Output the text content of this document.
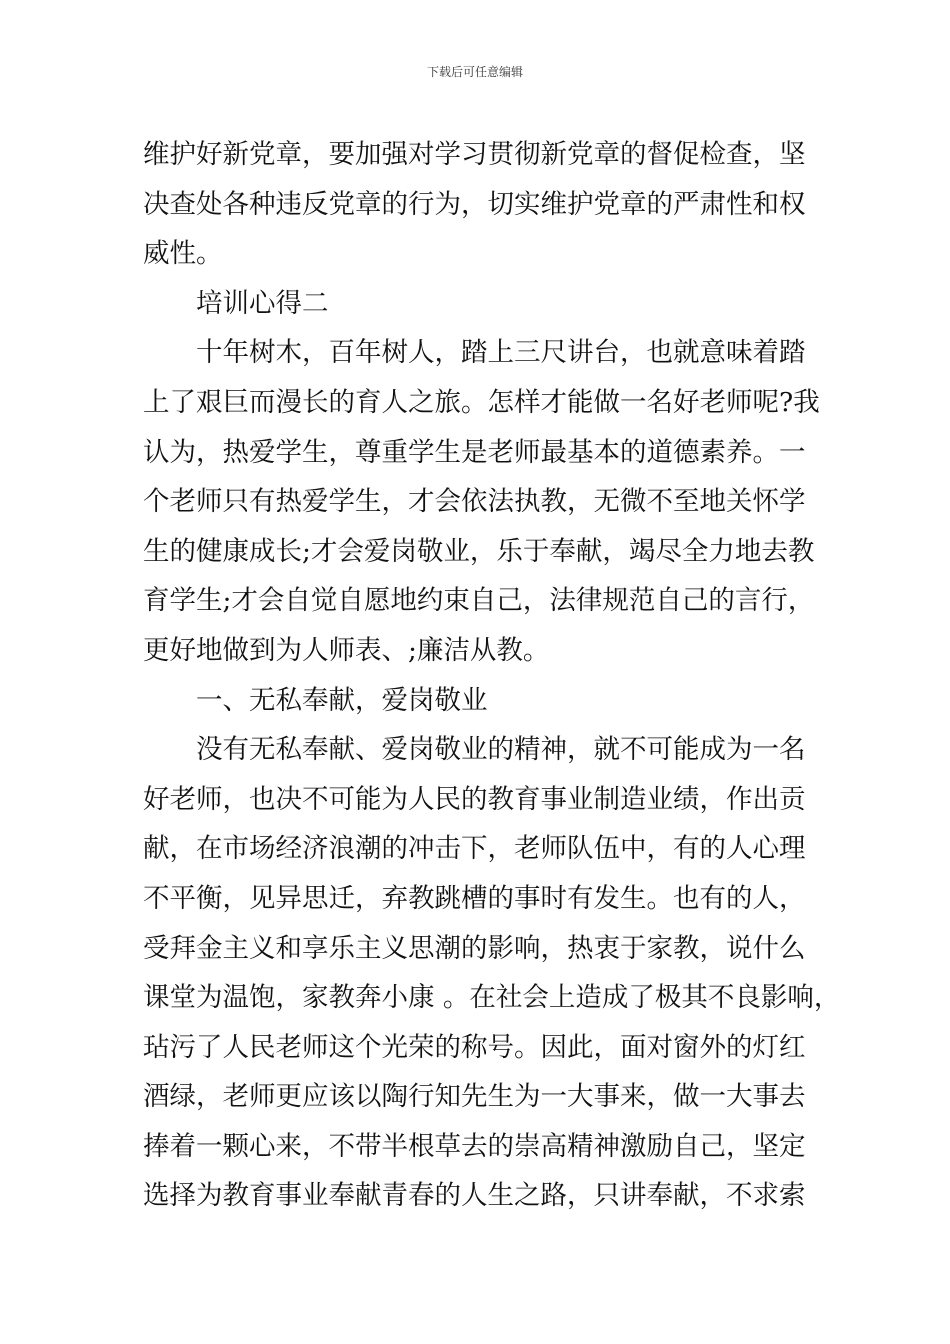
下载后可任意编辑
维护好新党章，要加强对学习贯彻新党章的督促检查，坚
决查处各种违反党章的行为，切实维护党章的严肃性和权
威性。
培训心得二
十年树木，百年树人，踏上三尺讲台，也就意味着踏
上了艰巨而漫长的育人之旅。怎样才能做一名好老师呢?我
认为，热爱学生，尊重学生是老师最基本的道德素养。一
个老师只有热爱学生，才会依法执教，无微不至地关怀学
生的健康成长;才会爱岗敬业，乐于奉献，竭尽全力地去教
育学生;才会自觉自愿地约束自己，法律规范自己的言行，
更好地做到为人师表、;廉洁从教。
一、无私奉献，爱岗敬业
没有无私奉献、爱岗敬业的精神，就不可能成为一名
好老师，也决不可能为人民的教育事业制造业绩，作出贡
献，在市场经济浪潮的冲击下，老师队伍中，有的人心理
不平衡，见异思迁，弃教跳槽的事时有发生。也有的人，
受拜金主义和享乐主义思潮的影响，热衷于家教，说什么
课堂为温饱，家教奔小康 。在社会上造成了极其不良影响，
玷污了人民老师这个光荣的称号。因此，面对窗外的灯红
酒绿，老师更应该以陶行知先生为一大事来，做一大事去
捧着一颗心来，不带半根草去的崇高精神激励自己，坚定
选择为教育事业奉献青春的人生之路，只讲奉献，不求索
